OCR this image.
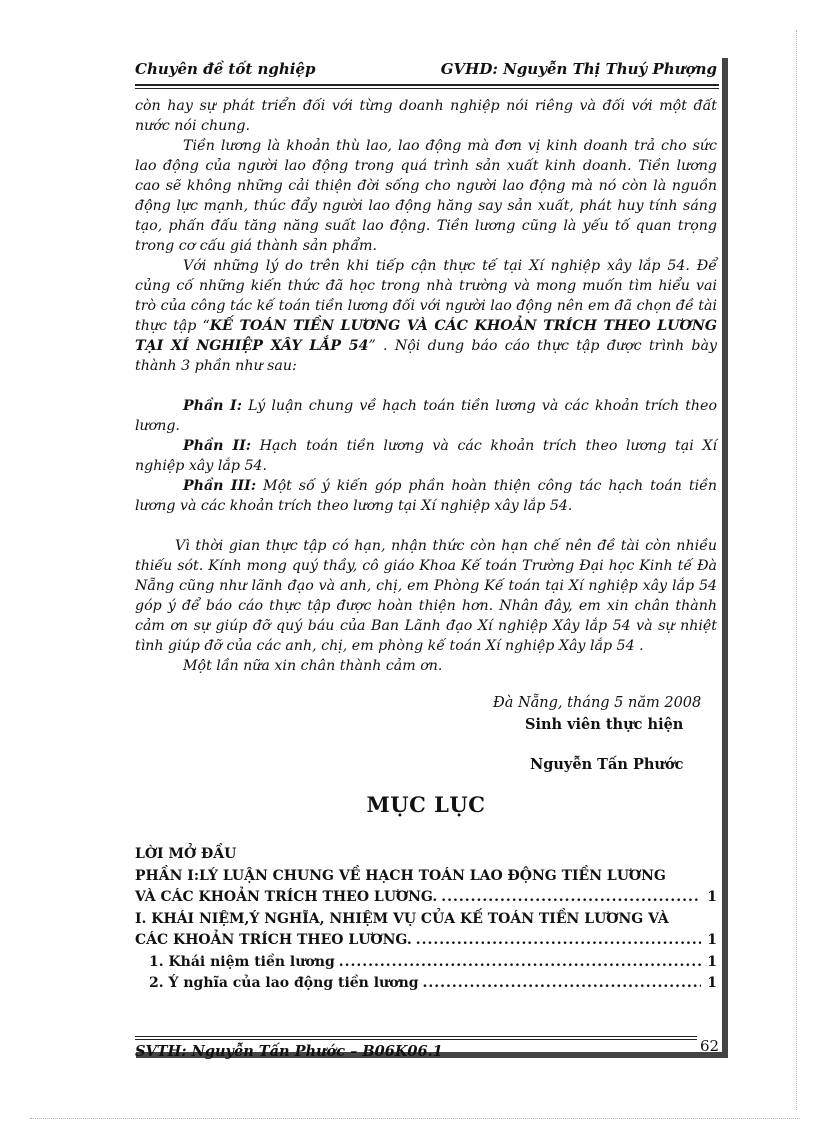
Chuyên đề tốt nghiệp	GVHD: Nguyễn Thị Thuý Phượng

còn hay sự phát triển đối với từng doanh nghiệp nói riêng và đối với một đất nước nói chung.

Tiền lương là khoản thù lao, lao động mà đơn vị kinh doanh trả cho sức lao động của người lao động trong quá trình sản xuất kinh doanh. Tiền lương cao sẽ không những cải thiện đời sống cho người lao động mà nó còn là nguồn động lực mạnh, thúc đẩy người lao động hăng say sản xuất, phát huy tính sáng tạo, phấn đấu tăng năng suất lao động. Tiền lương cũng là yếu tố quan trọng trong cơ cấu giá thành sản phẩm.

Với những lý do trên khi tiếp cận thực tế tại Xí nghiệp xây lắp 54. Để củng cố những kiến thức đã học trong nhà trường và mong muốn tìm hiểu vai trò của công tác kế toán tiền lương đối với người lao động nên em đã chọn đề tài thực tập “KẾ TOÁN TIỀN LƯƠNG VÀ CÁC KHOẢN TRÍCH THEO LƯƠNG TẠI XÍ NGHIỆP XÂY LẮP 54” . Nội dung báo cáo thực tập được trình bày thành 3 phần như sau:

Phần I: Lý luận chung về hạch toán tiền lương và các khoản trích theo lương.

Phần II: Hạch toán tiền lương và các khoản trích theo lương tại Xí nghiệp xây lắp 54.

Phần III: Một số ý kiến góp phần hoàn thiện công tác hạch toán tiền lương và các khoản trích theo lương tại Xí nghiệp xây lắp 54.

Vì thời gian thực tập có hạn, nhận thức còn hạn chế nên đề tài còn nhiều thiếu sót. Kính mong quý thầy, cô giáo Khoa Kế toán Trường Đại học Kinh tế Đà Nẵng cũng như lãnh đạo và anh, chị, em Phòng Kế toán tại Xí nghiệp xây lắp 54 góp ý để báo cáo thực tập được hoàn thiện hơn. Nhân đây, em xin chân thành cảm ơn sự giúp đỡ quý báu của Ban Lãnh đạo Xí nghiệp Xây lắp 54 và sự nhiệt tình giúp đỡ của các anh, chị, em phòng kế toán Xí nghiệp Xây lắp 54 .

Một lần nữa xin chân thành cảm ơn.

Đà Nẵng, tháng 5 năm 2008
Sinh viên thực hiện
Nguyễn Tấn Phước
MỤC LỤC

LỜI MỞ ĐẦU

PHẦN I:LÝ LUẬN CHUNG VỀ HẠCH TOÁN LAO ĐỘNG TIỀN LƯƠNG

VÀ CÁC KHOẢN TRÍCH THEO LƯƠNG. .....	1

I. KHÁI NIỆM,Ý NGHĨA, NHIỆM VỤ CỦA KẾ TOÁN TIỀN LƯƠNG VÀ

CÁC KHOẢN TRÍCH THEO LƯƠNG. .....	1
1. Khái niệm tiền lương .....	1
2. Ý nghĩa của lao động tiền lương .....	1
SVTH: Nguyễn Tấn Phước – B06K06.1	62
